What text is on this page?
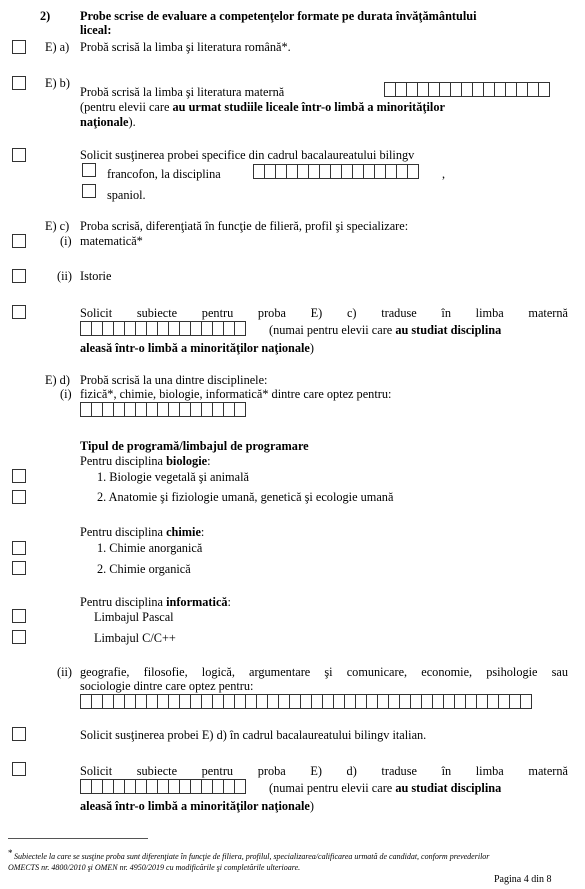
2) Probe scrise de evaluare a competenţelor formate pe durata învăţământului
liceal:
E) a) Probă scrisă la limba şi literatura română*.
E) b)
Probă scrisă la limba şi literatura maternă
(pentru elevii care au urmat studiile liceale într-o limbă a minorităţilor
naţionale).
Solicit susţinerea probei specifice din cadrul bacalaureatului bilingv
francofon, la disciplina	,
spaniol.
E) c) Proba scrisă, diferenţiată în funcţie de filieră, profil şi specializare:
(i) matematică*
(ii) Istorie
Solicit subiecte pentru proba E) c) traduse în limba maternă
(numai pentru elevii care au studiat disciplina
aleasă într-o limbă a minorităţilor naţionale)
E) d) Probă scrisă la una dintre disciplinele:
(i) fizică*, chimie, biologie, informatică* dintre care optez pentru:
Tipul de programă/limbajul de programare
Pentru disciplina biologie:
1. Biologie vegetală şi animală
2. Anatomie şi fiziologie umană, genetică şi ecologie umană
Pentru disciplina chimie:
1. Chimie anorganică
2. Chimie organică
Pentru disciplina informatică:
Limbajul Pascal
Limbajul C/C++
(ii) geografie, filosofie, logică, argumentare şi comunicare, economie, psihologie sau
sociologie dintre care optez pentru:
Solicit susţinerea probei E) d) în cadrul bacalaureatului bilingv italian.
Solicit subiecte pentru proba E) d) traduse în limba maternă
(numai pentru elevii care au studiat disciplina
aleasă într-o limbă a minorităţilor naţionale)
* Subiectele la care se susţine proba sunt diferenţiate în funcţie de filiera, profilul, specializarea/calificarea urmată de candidat, conform prevederilor
OMECTS nr. 4800/2010 şi OMEN nr. 4950/2019 cu modificările şi completările ulterioare.
Pagina 4 din 8
